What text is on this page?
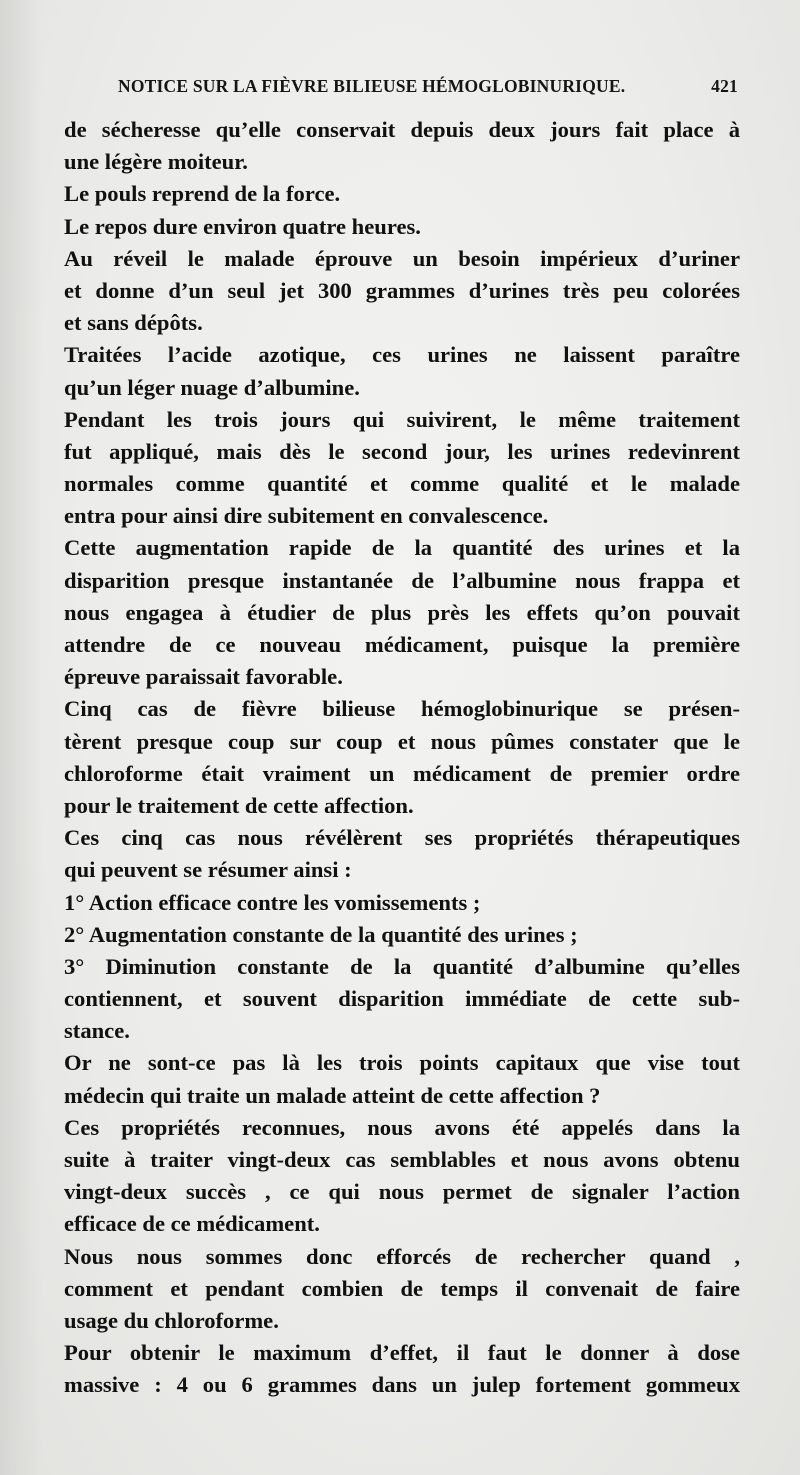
NOTICE SUR LA FIÈVRE BILIEUSE HÉMOGLOBINURIQUE.	421
de sécheresse qu’elle conservait depuis deux jours fait place à
une légère moiteur.
Le pouls reprend de la force.
Le repos dure environ quatre heures.
Au réveil le malade éprouve un besoin impérieux d’uriner
et donne d’un seul jet 300 grammes d’urines très peu colorées
et sans dépôts.
Traitées l’acide azotique, ces urines ne laissent paraître
qu’un léger nuage d’albumine.
Pendant les trois jours qui suivirent, le même traitement
fut appliqué, mais dès le second jour, les urines redevinrent
normales comme quantité et comme qualité et le malade
entra pour ainsi dire subitement en convalescence.
Cette augmentation rapide de la quantité des urines et la
disparition presque instantanée de l’albumine nous frappa et
nous engagea à étudier de plus près les effets qu’on pouvait
attendre de ce nouveau médicament, puisque la première
épreuve paraissait favorable.
Cinq cas de fièvre bilieuse hémoglobinurique se présen-
tèrent presque coup sur coup et nous pûmes constater que le
chloroforme était vraiment un médicament de premier ordre
pour le traitement de cette affection.
Ces cinq cas nous révélèrent ses propriétés thérapeutiques
qui peuvent se résumer ainsi :
1° Action efficace contre les vomissements ;
2° Augmentation constante de la quantité des urines ;
3° Diminution constante de la quantité d’albumine qu’elles
contiennent, et souvent disparition immédiate de cette sub-
stance.
Or ne sont-ce pas là les trois points capitaux que vise tout
médecin qui traite un malade atteint de cette affection ?
Ces propriétés reconnues, nous avons été appelés dans la
suite à traiter vingt-deux cas semblables et nous avons obtenu
vingt-deux succès , ce qui nous permet de signaler l’action
efficace de ce médicament.
Nous nous sommes donc efforcés de rechercher quand ,
comment et pendant combien de temps il convenait de faire
usage du chloroforme.
Pour obtenir le maximum d’effet, il faut le donner à dose
massive : 4 ou 6 grammes dans un julep fortement gommeux
